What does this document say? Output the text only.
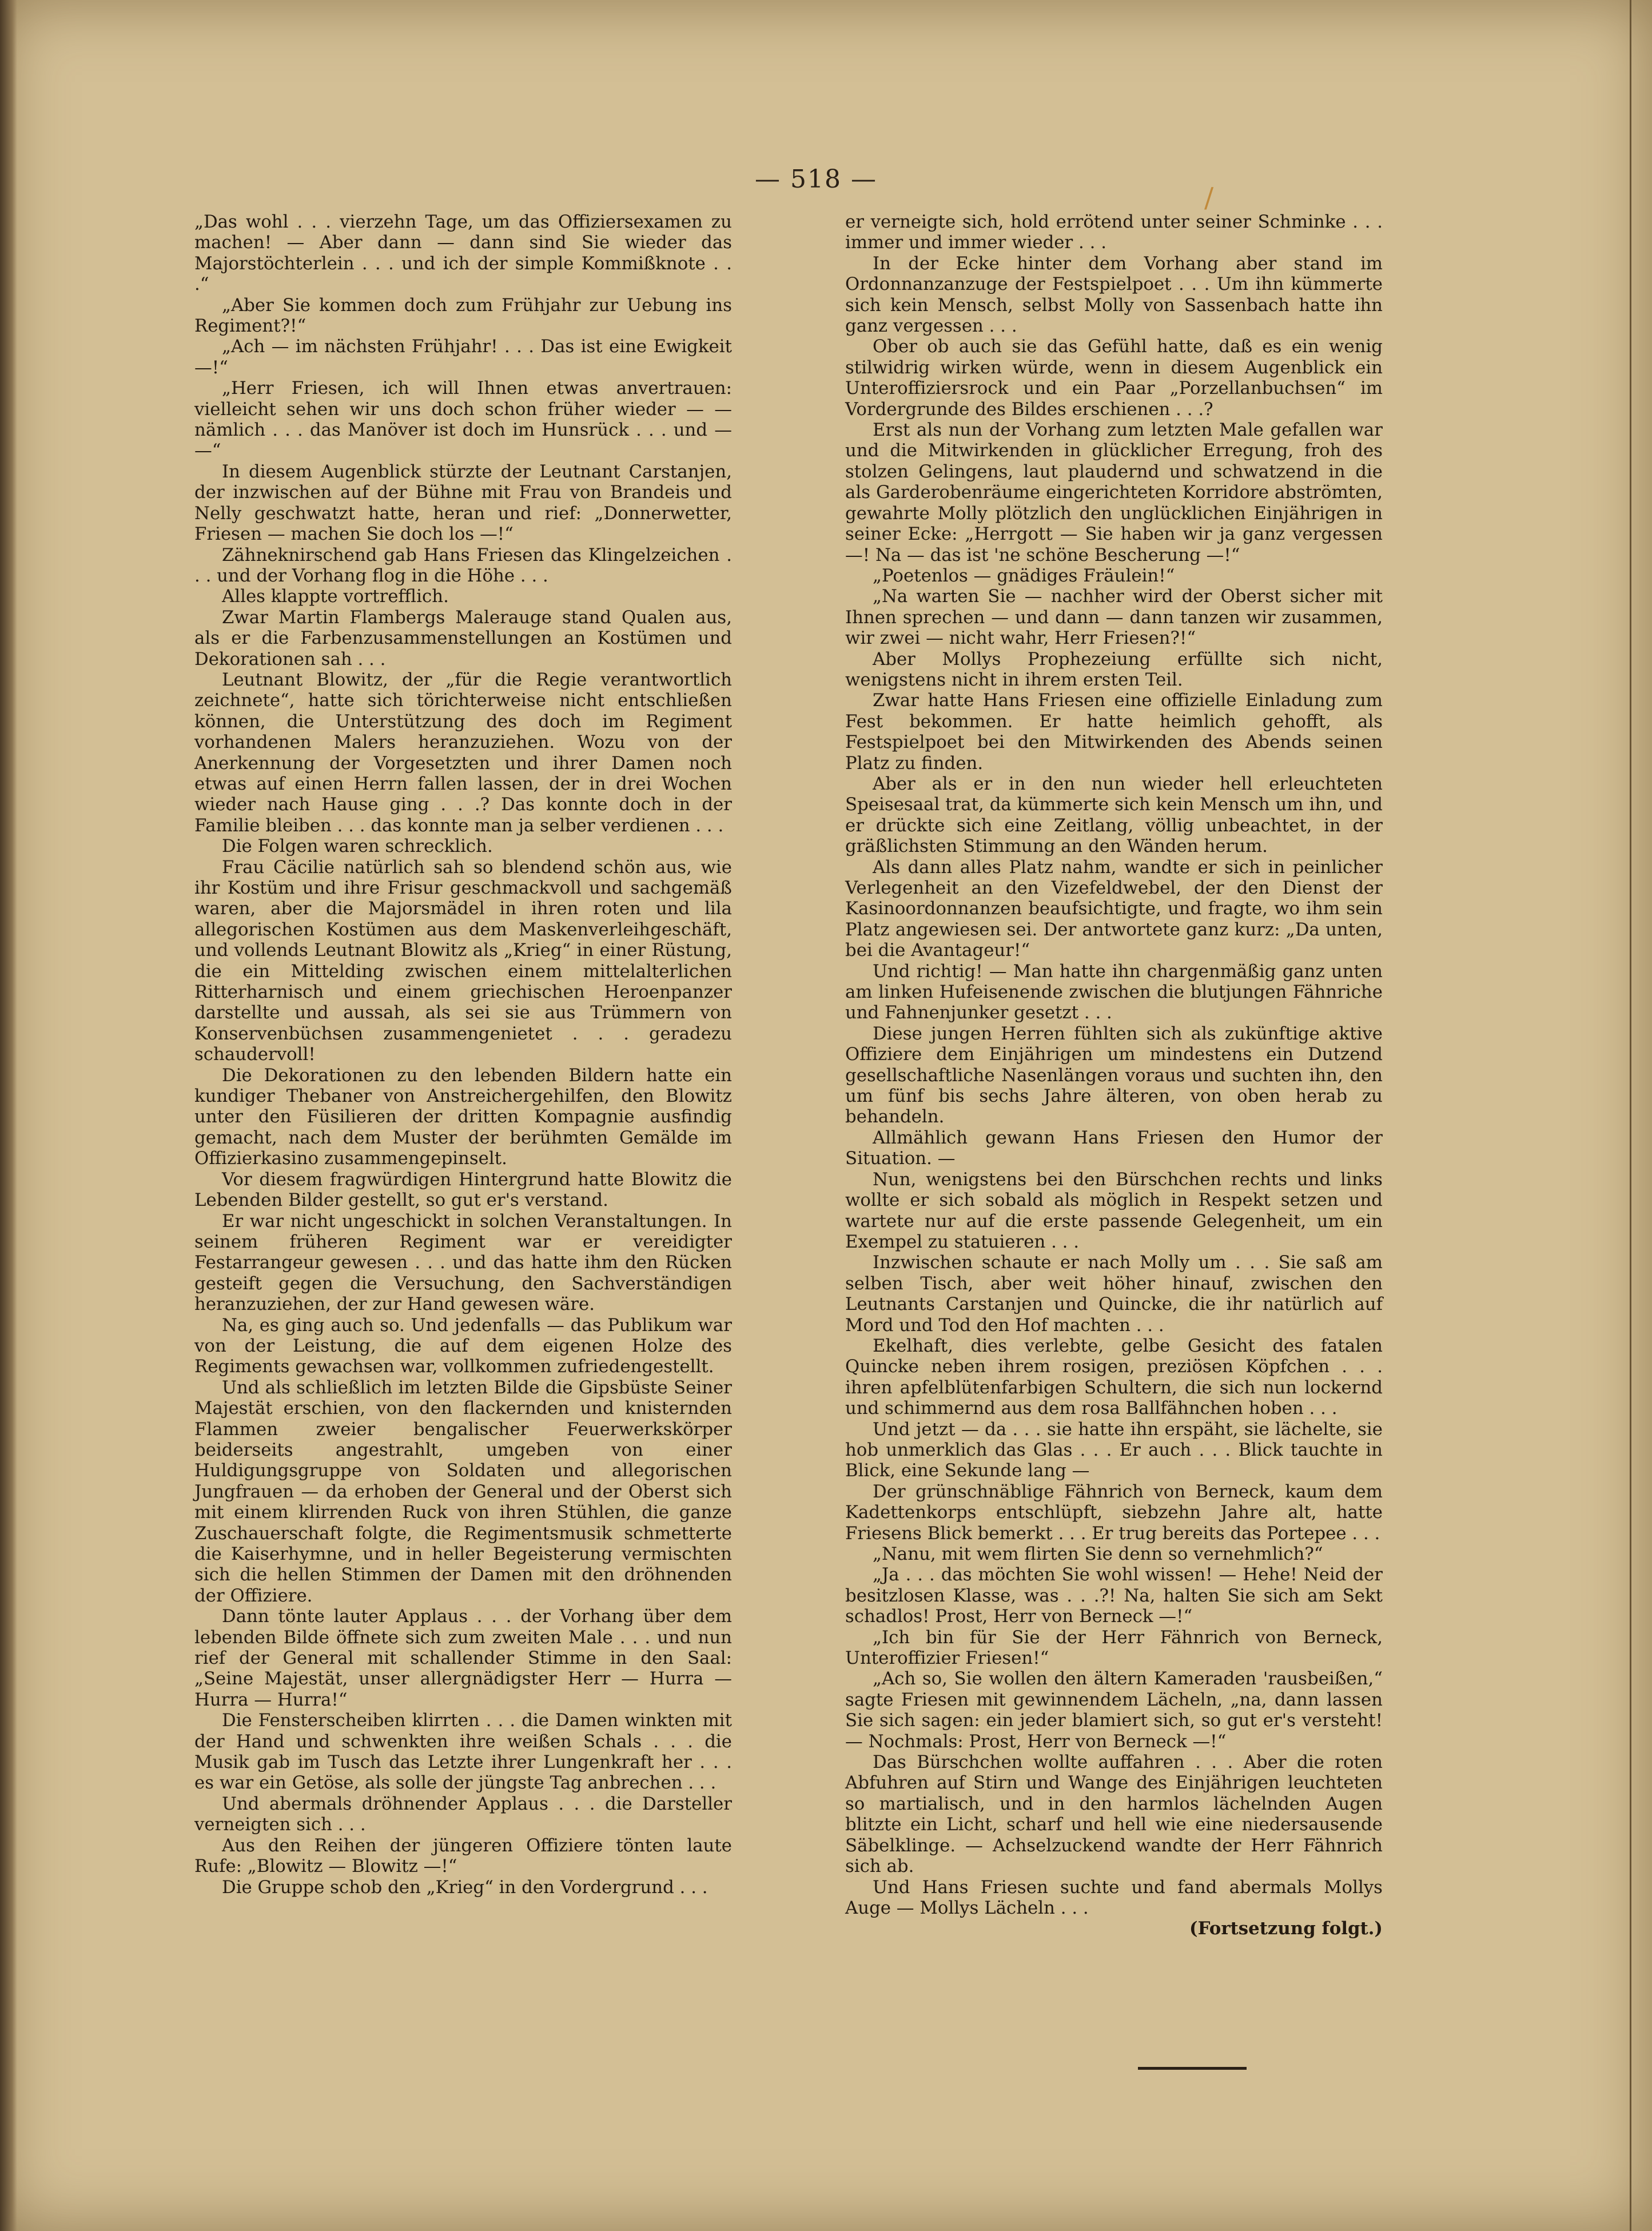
— 518 —
/

„Das wohl . . . vierzehn Tage, um das Offiziersexamen zu machen! — Aber dann — dann sind Sie wieder das Majorstöchterlein . . . und ich der simple Kommißknote . . .“

„Aber Sie kommen doch zum Frühjahr zur Uebung ins Regiment?!“

„Ach — im nächsten Frühjahr! . . . Das ist eine Ewigkeit —!“

„Herr Friesen, ich will Ihnen etwas anvertrauen: vielleicht sehen wir uns doch schon früher wieder — — nämlich . . . das Manöver ist doch im Hunsrück . . . und — —“

In diesem Augenblick stürzte der Leutnant Carstanjen, der inzwischen auf der Bühne mit Frau von Brandeis und Nelly geschwatzt hatte, heran und rief: „Donnerwetter, Friesen — machen Sie doch los —!“

Zähneknirschend gab Hans Friesen das Klingelzeichen . . . und der Vorhang flog in die Höhe . . .

Alles klappte vortrefflich.

Zwar Martin Flambergs Malerauge stand Qualen aus, als er die Farbenzusammenstellungen an Kostümen und Dekorationen sah . . .

Leutnant Blowitz, der „für die Regie verantwortlich zeichnete“, hatte sich törichterweise nicht entschließen können, die Unterstützung des doch im Regiment vorhandenen Malers heranzuziehen. Wozu von der Anerkennung der Vorgesetzten und ihrer Damen noch etwas auf einen Herrn fallen lassen, der in drei Wochen wieder nach Hause ging . . .? Das konnte doch in der Familie bleiben . . . das konnte man ja selber verdienen . . .

Die Folgen waren schrecklich.

Frau Cäcilie natürlich sah so blendend schön aus, wie ihr Kostüm und ihre Frisur geschmackvoll und sachgemäß waren, aber die Majorsmädel in ihren roten und lila allegorischen Kostümen aus dem Maskenverleihgeschäft, und vollends Leutnant Blowitz als „Krieg“ in einer Rüstung, die ein Mittelding zwischen einem mittelalterlichen Ritterharnisch und einem griechischen Heroenpanzer darstellte und aussah, als sei sie aus Trümmern von Konservenbüchsen zusammengenietet . . . geradezu schaudervoll!

Die Dekorationen zu den lebenden Bildern hatte ein kundiger Thebaner von Anstreichergehilfen, den Blowitz unter den Füsilieren der dritten Kompagnie ausfindig gemacht, nach dem Muster der berühmten Gemälde im Offizierkasino zusammengepinselt.

Vor diesem fragwürdigen Hintergrund hatte Blowitz die Lebenden Bilder gestellt, so gut er's verstand.

Er war nicht ungeschickt in solchen Veranstaltungen. In seinem früheren Regiment war er vereidigter Festarrangeur gewesen . . . und das hatte ihm den Rücken gesteift gegen die Versuchung, den Sachverständigen heranzuziehen, der zur Hand gewesen wäre.

Na, es ging auch so. Und jedenfalls — das Publikum war von der Leistung, die auf dem eigenen Holze des Regiments gewachsen war, vollkommen zufriedengestellt.

Und als schließlich im letzten Bilde die Gipsbüste Seiner Majestät erschien, von den flackernden und knisternden Flammen zweier bengalischer Feuerwerkskörper beiderseits angestrahlt, umgeben von einer Huldigungsgruppe von Soldaten und allegorischen Jungfrauen — da erhoben der General und der Oberst sich mit einem klirrenden Ruck von ihren Stühlen, die ganze Zuschauerschaft folgte, die Regimentsmusik schmetterte die Kaiserhymne, und in heller Begeisterung vermischten sich die hellen Stimmen der Damen mit den dröhnenden der Offiziere.

Dann tönte lauter Applaus . . . der Vorhang über dem lebenden Bilde öffnete sich zum zweiten Male . . . und nun rief der General mit schallender Stimme in den Saal: „Seine Majestät, unser allergnädigster Herr — Hurra — Hurra — Hurra!“

Die Fensterscheiben klirrten . . . die Damen winkten mit der Hand und schwenkten ihre weißen Schals . . . die Musik gab im Tusch das Letzte ihrer Lungenkraft her . . . es war ein Getöse, als solle der jüngste Tag anbrechen . . .

Und abermals dröhnender Applaus . . . die Darsteller verneigten sich . . .

Aus den Reihen der jüngeren Offiziere tönten laute Rufe: „Blowitz — Blowitz —!“

Die Gruppe schob den „Krieg“ in den Vordergrund . . .

er verneigte sich, hold errötend unter seiner Schminke . . . immer und immer wieder . . .

In der Ecke hinter dem Vorhang aber stand im Ordonnanzanzuge der Festspielpoet . . . Um ihn kümmerte sich kein Mensch, selbst Molly von Sassenbach hatte ihn ganz vergessen . . .

Ober ob auch sie das Gefühl hatte, daß es ein wenig stilwidrig wirken würde, wenn in diesem Augenblick ein Unteroffiziersrock und ein Paar „Porzellanbuchsen“ im Vordergrunde des Bildes erschienen . . .?

Erst als nun der Vorhang zum letzten Male gefallen war und die Mitwirkenden in glücklicher Erregung, froh des stolzen Gelingens, laut plaudernd und schwatzend in die als Garderobenräume eingerichteten Korridore abströmten, gewahrte Molly plötzlich den unglücklichen Einjährigen in seiner Ecke: „Herrgott — Sie haben wir ja ganz vergessen —! Na — das ist 'ne schöne Bescherung —!“

„Poetenlos — gnädiges Fräulein!“

„Na warten Sie — nachher wird der Oberst sicher mit Ihnen sprechen — und dann — dann tanzen wir zusammen, wir zwei — nicht wahr, Herr Friesen?!“

Aber Mollys Prophezeiung erfüllte sich nicht, wenigstens nicht in ihrem ersten Teil.

Zwar hatte Hans Friesen eine offizielle Einladung zum Fest bekommen. Er hatte heimlich gehofft, als Festspielpoet bei den Mitwirkenden des Abends seinen Platz zu finden.

Aber als er in den nun wieder hell erleuchteten Speisesaal trat, da kümmerte sich kein Mensch um ihn, und er drückte sich eine Zeitlang, völlig unbeachtet, in der gräßlichsten Stimmung an den Wänden herum.

Als dann alles Platz nahm, wandte er sich in peinlicher Verlegenheit an den Vizefeldwebel, der den Dienst der Kasinoordonnanzen beaufsichtigte, und fragte, wo ihm sein Platz angewiesen sei. Der antwortete ganz kurz: „Da unten, bei die Avantageur!“

Und richtig! — Man hatte ihn chargenmäßig ganz unten am linken Hufeisenende zwischen die blutjungen Fähnriche und Fahnenjunker gesetzt . . .

Diese jungen Herren fühlten sich als zukünftige aktive Offiziere dem Einjährigen um mindestens ein Dutzend gesellschaftliche Nasenlängen voraus und suchten ihn, den um fünf bis sechs Jahre älteren, von oben herab zu behandeln.

Allmählich gewann Hans Friesen den Humor der Situation. —

Nun, wenigstens bei den Bürschchen rechts und links wollte er sich sobald als möglich in Respekt setzen und wartete nur auf die erste passende Gelegenheit, um ein Exempel zu statuieren . . .

Inzwischen schaute er nach Molly um . . . Sie saß am selben Tisch, aber weit höher hinauf, zwischen den Leutnants Carstanjen und Quincke, die ihr natürlich auf Mord und Tod den Hof machten . . .

Ekelhaft, dies verlebte, gelbe Gesicht des fatalen Quincke neben ihrem rosigen, preziösen Köpfchen . . . ihren apfelblütenfarbigen Schultern, die sich nun lockernd und schimmernd aus dem rosa Ballfähnchen hoben . . .

Und jetzt — da . . . sie hatte ihn erspäht, sie lächelte, sie hob unmerklich das Glas . . . Er auch . . . Blick tauchte in Blick, eine Sekunde lang —

Der grünschnäblige Fähnrich von Berneck, kaum dem Kadettenkorps entschlüpft, siebzehn Jahre alt, hatte Friesens Blick bemerkt . . . Er trug bereits das Portepee . . .

„Nanu, mit wem flirten Sie denn so vernehmlich?“

„Ja . . . das möchten Sie wohl wissen! — Hehe! Neid der besitzlosen Klasse, was . . .?! Na, halten Sie sich am Sekt schadlos! Prost, Herr von Berneck —!“

„Ich bin für Sie der Herr Fähnrich von Berneck, Unteroffizier Friesen!“

„Ach so, Sie wollen den ältern Kameraden 'rausbeißen,“ sagte Friesen mit gewinnendem Lächeln, „na, dann lassen Sie sich sagen: ein jeder blamiert sich, so gut er's versteht! — Nochmals: Prost, Herr von Berneck —!“

Das Bürschchen wollte auffahren . . . Aber die roten Abfuhren auf Stirn und Wange des Einjährigen leuchteten so martialisch, und in den harmlos lächelnden Augen blitzte ein Licht, scharf und hell wie eine niedersausende Säbelklinge. — Achselzuckend wandte der Herr Fähnrich sich ab.

Und Hans Friesen suchte und fand abermals Mollys Auge — Mollys Lächeln . . .

(Fortsetzung folgt.)
